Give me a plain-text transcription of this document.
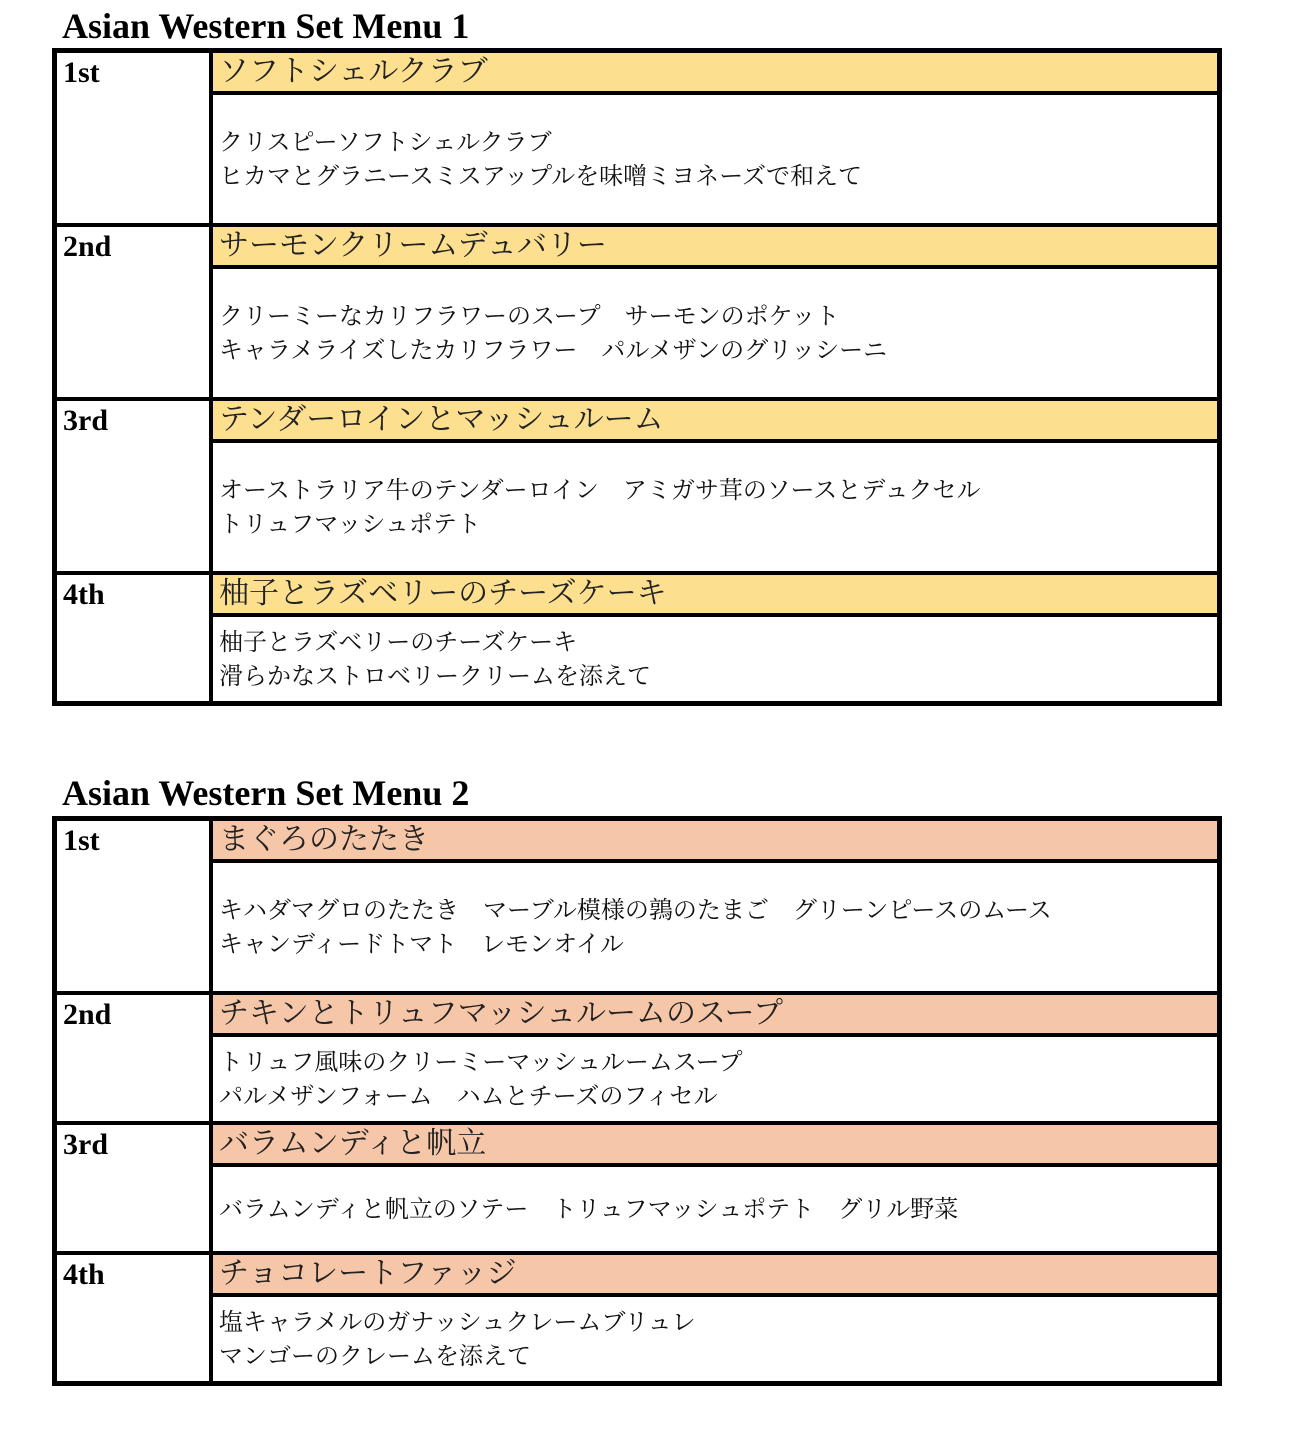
Asian Western Set Menu 1
1st	ソフトシェルクラブ

	クリスピーソフトシェルクラブ
ヒカマとグラニースミスアップルを味噌ミヨネーズで和えて

2nd	サーモンクリームデュバリー

	クリーミーなカリフラワーのスープ　サーモンのポケット
キャラメライズしたカリフラワー　パルメザンのグリッシーニ

3rd	テンダーロインとマッシュルーム

	オーストラリア牛のテンダーロイン　アミガサ茸のソースとデュクセル
トリュフマッシュポテト

4th	柚子とラズベリーのチーズケーキ

	柚子とラズベリーのチーズケーキ
滑らかなストロベリークリームを添えて
Asian Western Set Menu 2
1st	まぐろのたたき

	キハダマグロのたたき　マーブル模様の鶉のたまご　グリーンピースのムース
キャンディードトマト　レモンオイル

2nd	チキンとトリュフマッシュルームのスープ

	トリュフ風味のクリーミーマッシュルームスープ
パルメザンフォーム　ハムとチーズのフィセル

3rd	バラムンディと帆立

	バラムンディと帆立のソテー　トリュフマッシュポテト　グリル野菜

4th	チョコレートファッジ

	塩キャラメルのガナッシュクレームブリュレ
マンゴーのクレームを添えて
